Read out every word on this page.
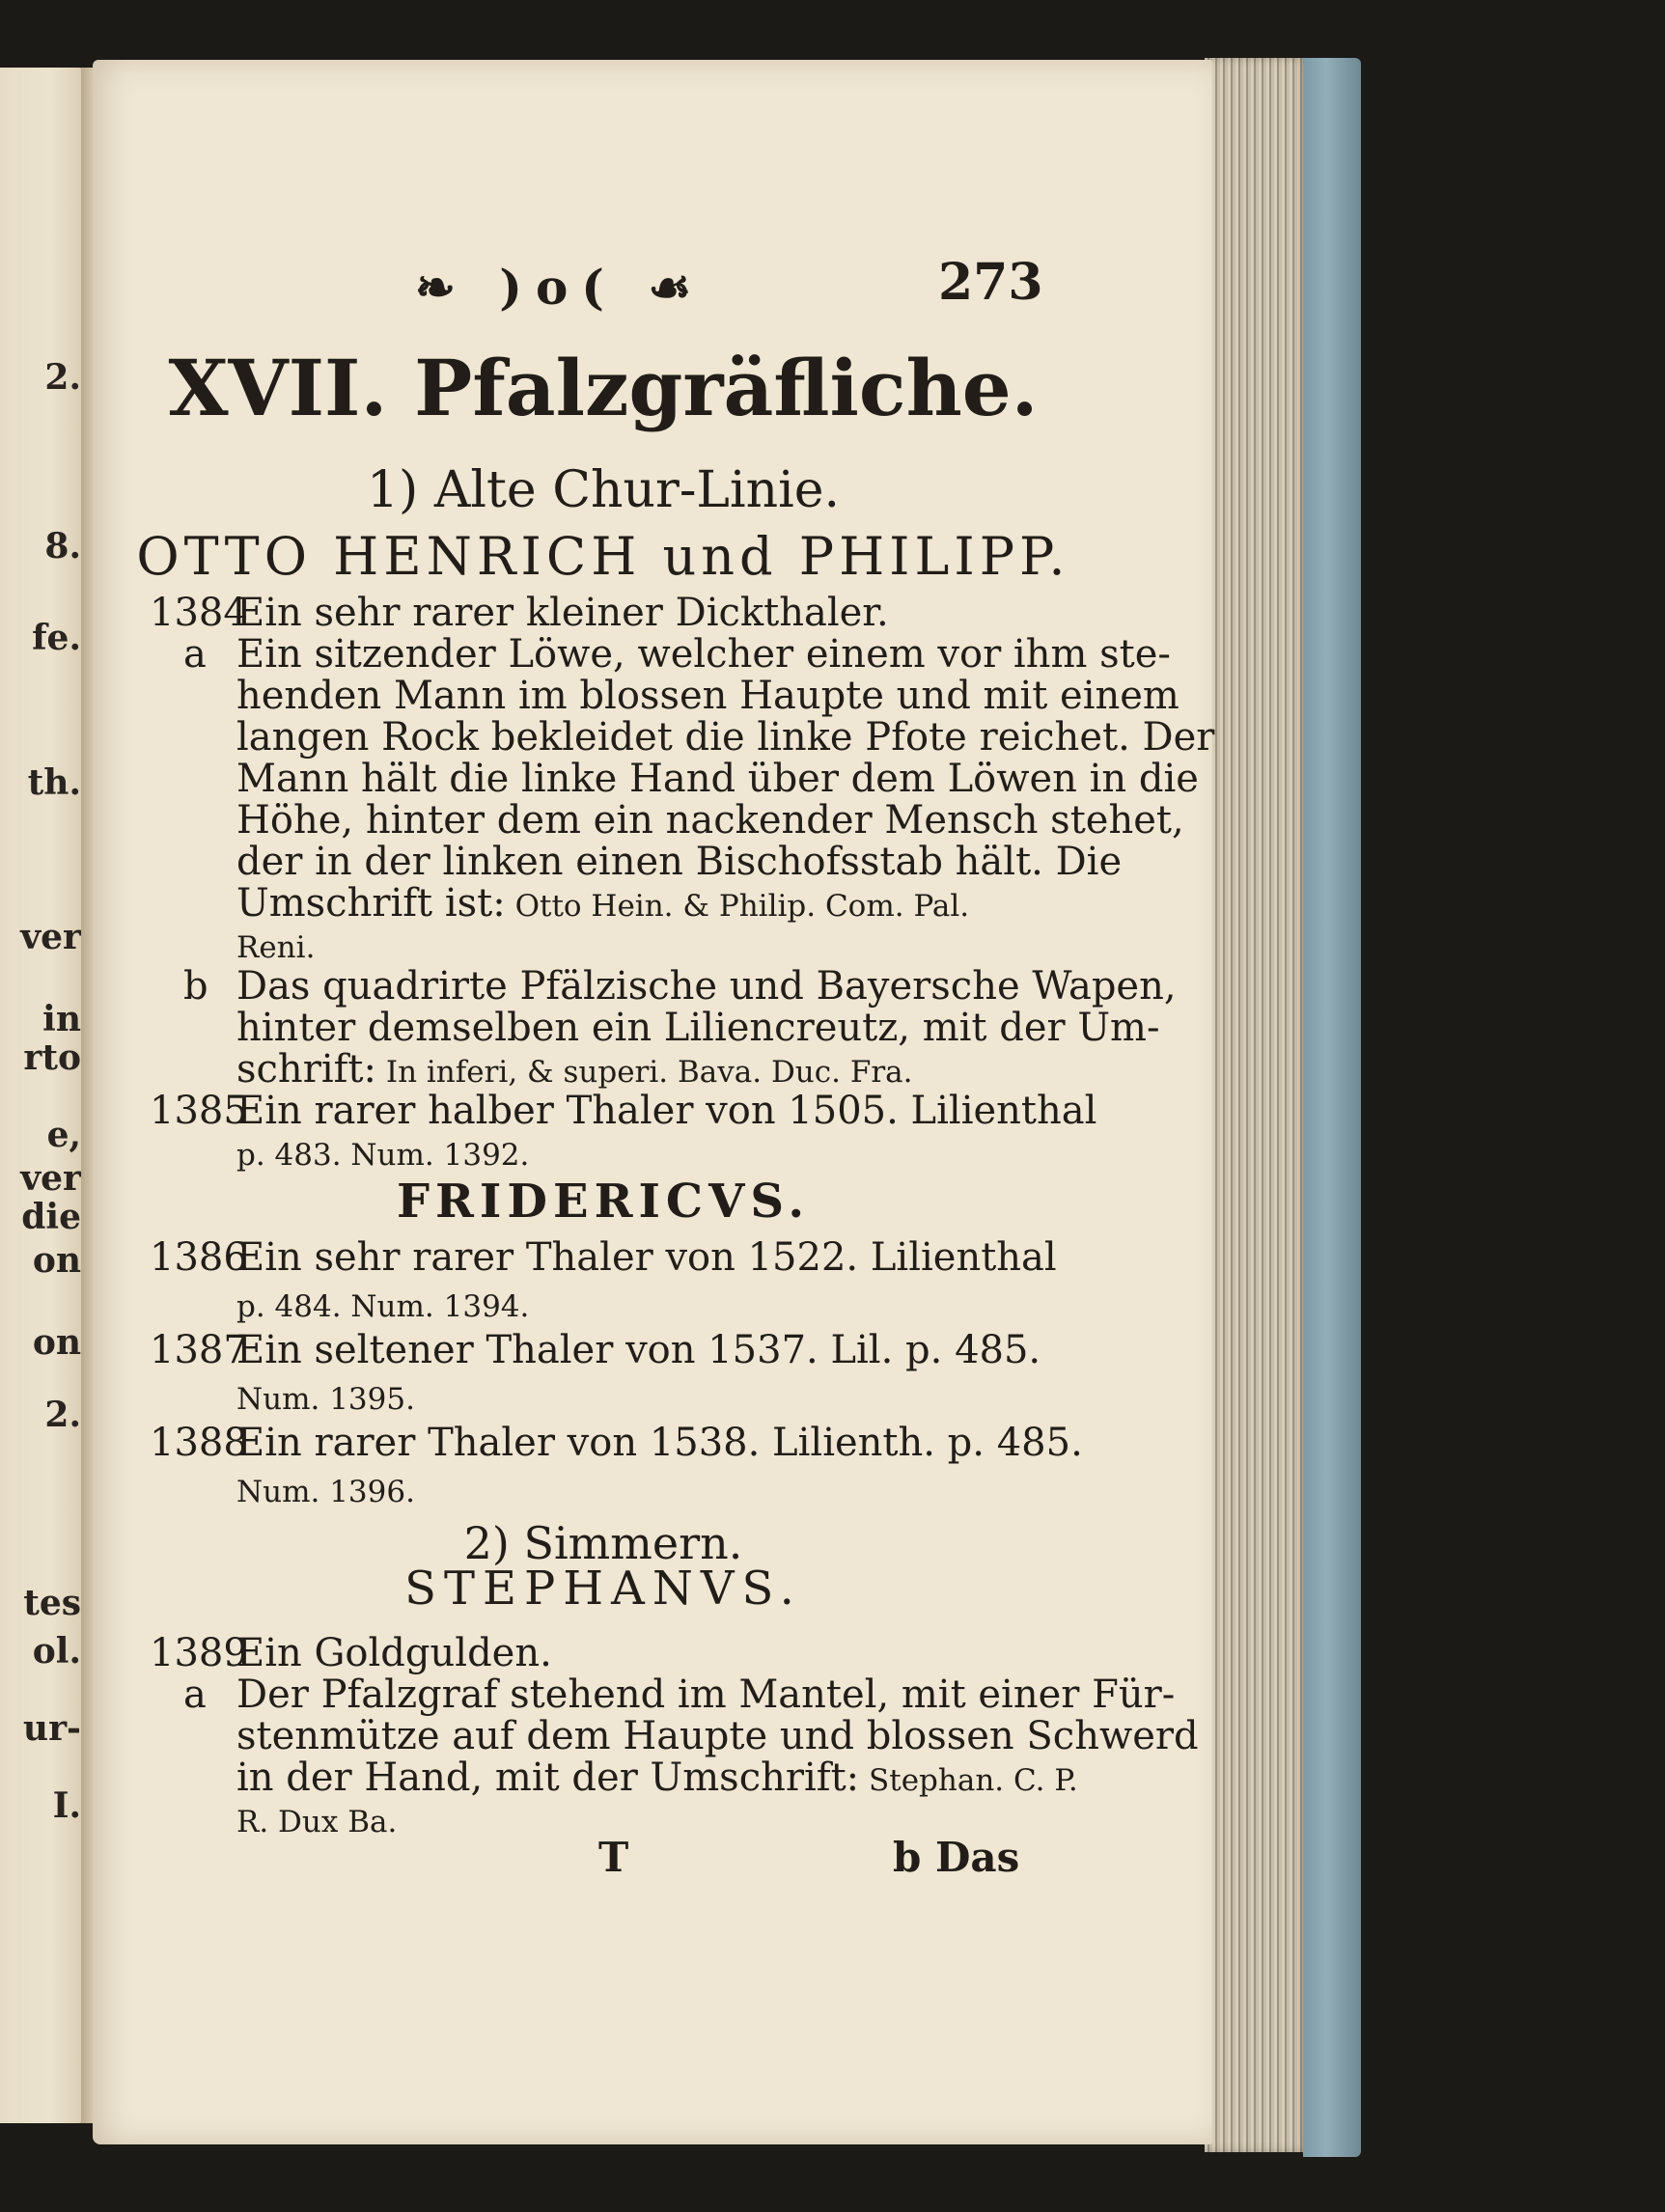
2.
8.
fe.
th.
ver
in
rto
e,
ver
die
on
on
2.
tes
ol.
ur-
I.
❧ )o( ☙	273
XVII. Pfalzgräfliche.
1) Alte Chur-Linie.
OTTO HENRICH und PHILIPP.
1384
Ein sehr rarer kleiner Dickthaler.
a Ein sitzender Löwe, welcher einem vor ihm ste-
henden Mann im blossen Haupte und mit einem
langen Rock bekleidet die linke Pfote reichet. Der
Mann hält die linke Hand über dem Löwen in die
Höhe, hinter dem ein nackender Mensch stehet,
der in der linken einen Bischofsstab hält. Die
Umschrift ist: Otto Hein. & Philip. Com. Pal.
Reni.
b Das quadrirte Pfälzische und Bayersche Wapen,
hinter demselben ein Liliencreutz, mit der Um-
schrift: In inferi, & superi. Bava. Duc. Fra.
1385
Ein rarer halber Thaler von 1505. Lilienthal
p. 483. Num. 1392.
FRIDERICVS.
1386
Ein sehr rarer Thaler von 1522. Lilienthal
p. 484. Num. 1394.
1387
Ein seltener Thaler von 1537. Lil. p. 485.
Num. 1395.
1388
Ein rarer Thaler von 1538. Lilienth. p. 485.
Num. 1396.
2) Simmern.
STEPHANVS.
1389
Ein Goldgulden.
a Der Pfalzgraf stehend im Mantel, mit einer Für-
stenmütze auf dem Haupte und blossen Schwerd
in der Hand, mit der Umschrift: Stephan. C. P.
R. Dux Ba.
T	b Das
